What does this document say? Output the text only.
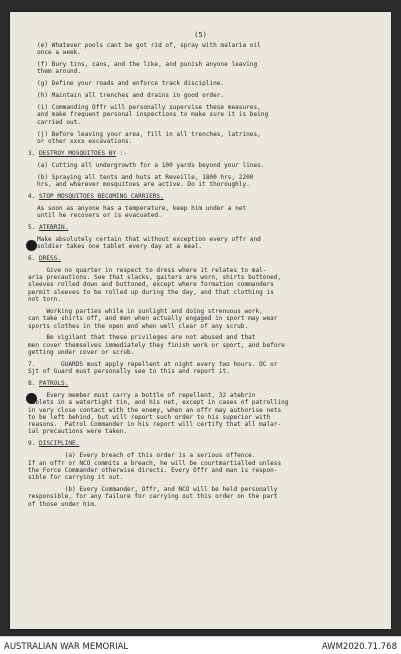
(5)

(e) Whatever pools cant be got rid of, spray with malaria oil
once a week.

(f) Bury tins, cans, and the like, and punish anyone leaving
them around.

(g) Define your roads and enforce track discipline.

(h) Maintain all trenches and drains in good order.

(i) Commanding Offr will personally supervise these measures,
and make frequent personal inspections to make sure it is being
carried out.

(j) Before leaving your area, fill in all trenches, latrines,
or other xxxx excavations.

3. DESTROY MOSQUITOES BY :-

(a) Cutting all undergrowth for a 100 yards beyond your lines.

(b) Spraying all tents and huts at Reveille, 1800 hrs, 2200
hrs, and wherever mosquitoes are active. Do it thoroughly.

4. STOP MOSQUITOES BECOMING CARRIERS.

As soon as anyone has a temperature, keep him under a net
until he recovers or is evacuated.

5. ATEBRIN.

Make absolutely certain that without exception every offr and
soldier takes one tablet every day at a meal.

6. DRESS.

Give no quarter in respect to dress where it relates to mal-
aria precautions. See that slacks, gaiters are worn, shirts buttoned,
sleeves rolled down and buttoned, except where formation commanders
permit sleeves to be rolled up during the day, and that clothing is
not torn.

Working parties while in sunlight and doing strenuous work,
can take shirts off, and men when actually engaged in sport may wear
sports clothes in the open and when well clear of any scrub.

Be vigilant that these privileges are not abused and that
men cover themselves immediately they finish work or sport, and before
getting under cover or scrub.

7.       GUARDS must apply repellent at night every two hours. OC or
Sjt of Guard must personally see to this and report it.

8. PATROLS.

Every member must carry a bottle of repellent, 32 atebrin
tablets in a watertight tin, and his net, except in cases of patrolling
in very close contact with the enemy, when an offr may authorise nets
to be left behind, but will report such order to his superior with
reasons.  Patrol Commander in his report will certify that all malar-
ial precautions were taken.

9. DISCIPLINE.

(a) Every breach of this order is a serious offence.
If an offr or NCO commits a breach, he will be courtmartialled unless
the Force Commander otherwise directs. Every Offr and man is respon-
sible for carrying it out.

(b) Every Commander, Offr, and NCO will be held personally
responsible, for any failure for carrying out this order on the part
of those under him.

AUSTRALIAN WAR MEMORIAL	AWM2020.71.768
